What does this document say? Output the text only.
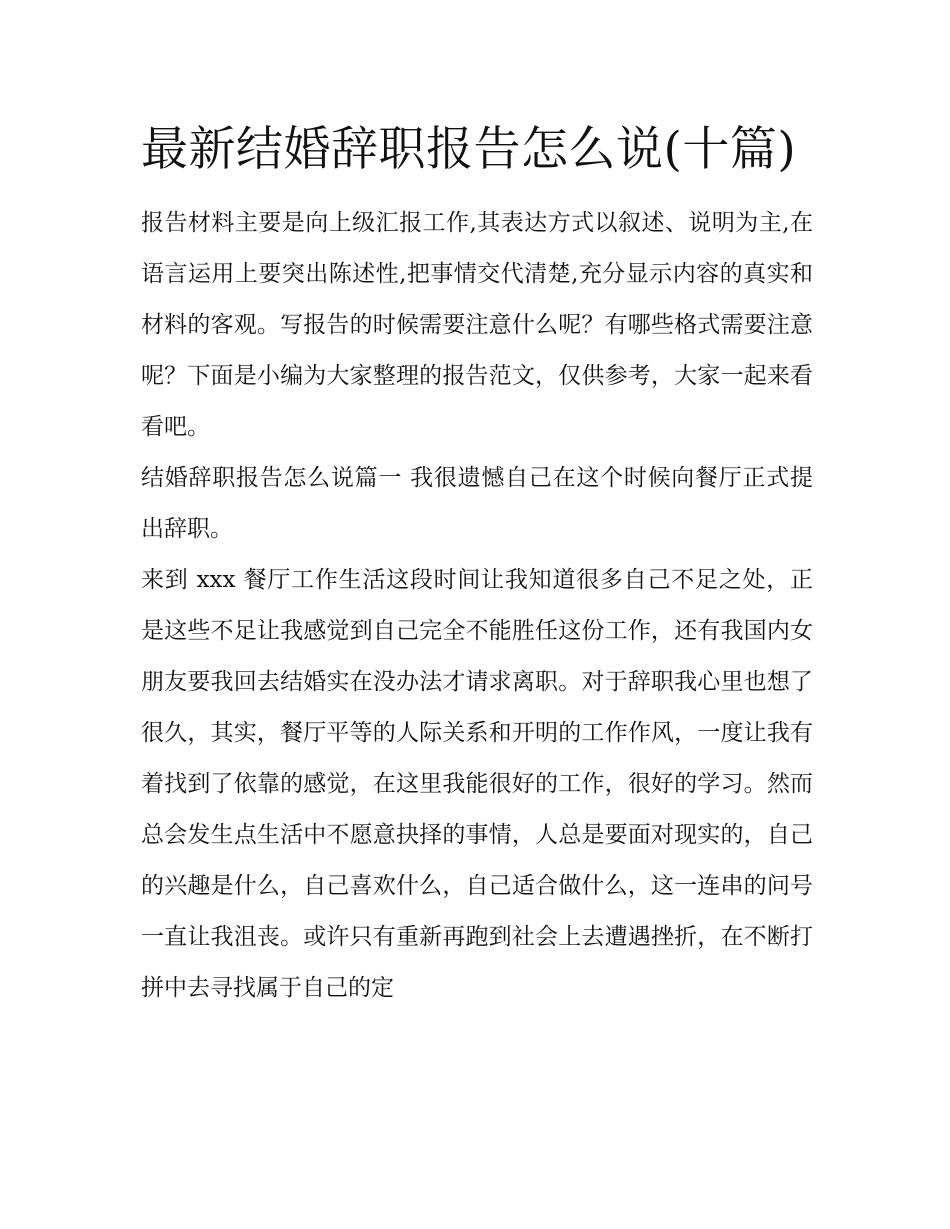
最新结婚辞职报告怎么说(十篇)

报告材料主要是向上级汇报工作,其表达方式以叙述、说明为主,在语言运用上要突出陈述性,把事情交代清楚,充分显示内容的真实和材料的客观。写报告的时候需要注意什么呢？有哪些格式需要注意呢？下面是小编为大家整理的报告范文，仅供参考，大家一起来看看吧。

结婚辞职报告怎么说篇一 我很遗憾自己在这个时候向餐厅正式提出辞职。

来到 xxx 餐厅工作生活这段时间让我知道很多自己不足之处，正是这些不足让我感觉到自己完全不能胜任这份工作，还有我国内女朋友要我回去结婚实在没办法才请求离职。对于辞职我心里也想了很久，其实，餐厅平等的人际关系和开明的工作作风，一度让我有着找到了依靠的感觉，在这里我能很好的工作，很好的学习。然而总会发生点生活中不愿意抉择的事情，人总是要面对现实的，自己的兴趣是什么，自己喜欢什么，自己适合做什么，这一连串的问号一直让我沮丧。或许只有重新再跑到社会上去遭遇挫折，在不断打拼中去寻找属于自己的定
